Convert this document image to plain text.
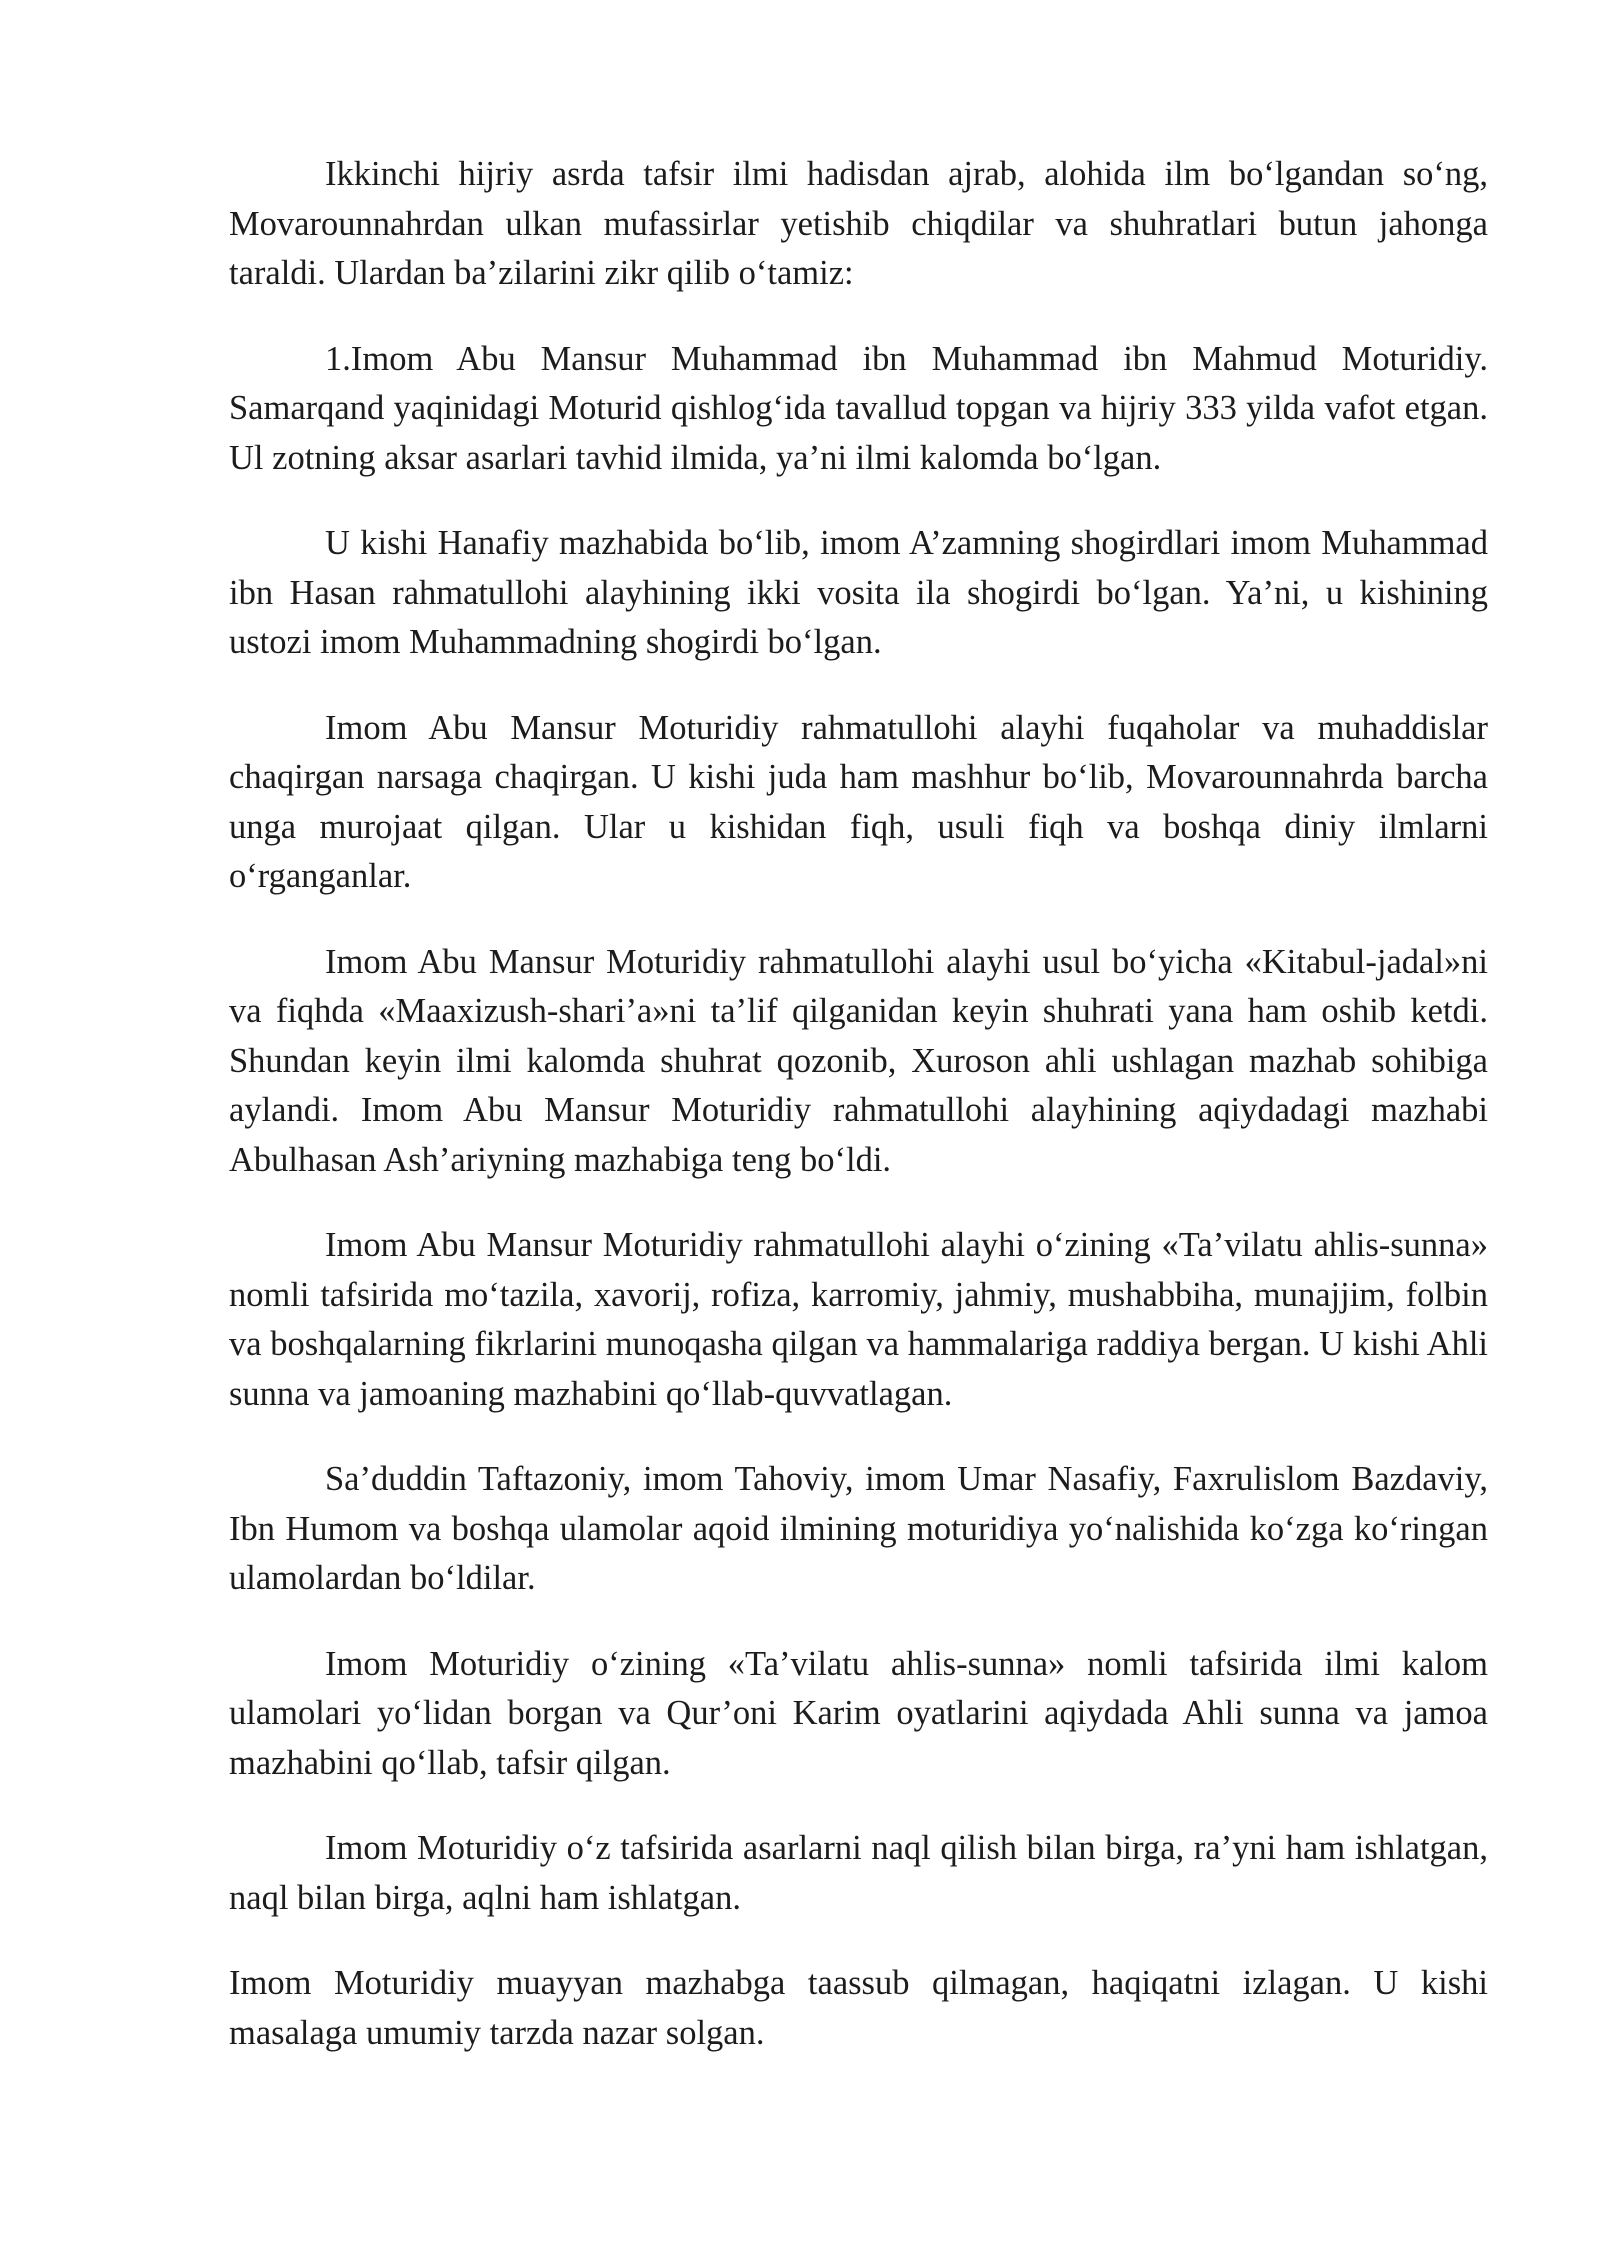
Ikkinchi hijriy asrda tafsir ilmi hadisdan ajrab, alohida ilm boʻlgandan soʻng, Movarounnahrdan ulkan mufassirlar yetishib chiqdilar va shuhratlari butun jahonga taraldi. Ulardan ba’zilarini zikr qilib oʻtamiz:

1.Imom Abu Mansur Muhammad ibn Muhammad ibn Mahmud Moturidiy. Samarqand yaqinidagi Moturid qishlogʻida tavallud topgan va hijriy 333 yilda vafot etgan. Ul zotning aksar asarlari tavhid ilmida, ya’ni ilmi kalomda boʻlgan.

U kishi Hanafiy mazhabida boʻlib, imom A’zamning shogirdlari imom Muhammad ibn Hasan rahmatullohi alayhining ikki vosita ila shogirdi boʻlgan. Ya’ni, u kishining ustozi imom Muhammadning shogirdi boʻlgan.

Imom Abu Mansur Moturidiy rahmatullohi alayhi fuqaholar va muhaddislar chaqirgan narsaga chaqirgan. U kishi juda ham mashhur boʻlib, Movarounnahrda barcha unga murojaat qilgan. Ular u kishidan fiqh, usuli fiqh va boshqa diniy ilmlarni oʻrganganlar.

Imom Abu Mansur Moturidiy rahmatullohi alayhi usul boʻyicha «Kitabul-jadal»ni va fiqhda «Maaxizush-shari’a»ni ta’lif qilganidan keyin shuhrati yana ham oshib ketdi. Shundan keyin ilmi kalomda shuhrat qozonib, Xuroson ahli ushlagan mazhab sohibiga aylandi. Imom Abu Mansur Moturidiy rahmatullohi alayhining aqiydadagi mazhabi Abulhasan Ash’ariyning mazhabiga teng boʻldi.

Imom Abu Mansur Moturidiy rahmatullohi alayhi oʻzining «Ta’vilatu ahlis-sunna» nomli tafsirida moʻtazila, xavorij, rofiza, karromiy, jahmiy, mushabbiha, munajjim, folbin va boshqalarning fikrlarini munoqasha qilgan va hammalariga raddiya bergan. U kishi Ahli sunna va jamoaning mazhabini qoʻllab-quvvatlagan.

Sa’duddin Taftazoniy, imom Tahoviy, imom Umar Nasafiy, Faxrulislom Bazdaviy, Ibn Humom va boshqa ulamolar aqoid ilmining moturidiya yoʻnalishida koʻzga koʻringan ulamolardan boʻldilar.

Imom Moturidiy oʻzining «Ta’vilatu ahlis-sunna» nomli tafsirida ilmi kalom ulamolari yoʻlidan borgan va Qur’oni Karim oyatlarini aqiydada Ahli sunna va jamoa mazhabini qoʻllab, tafsir qilgan.

Imom Moturidiy oʻz tafsirida asarlarni naql qilish bilan birga, ra’yni ham ishlatgan, naql bilan birga, aqlni ham ishlatgan.

Imom Moturidiy muayyan mazhabga taassub qilmagan, haqiqatni izlagan. U kishi masalaga umumiy tarzda nazar solgan.
